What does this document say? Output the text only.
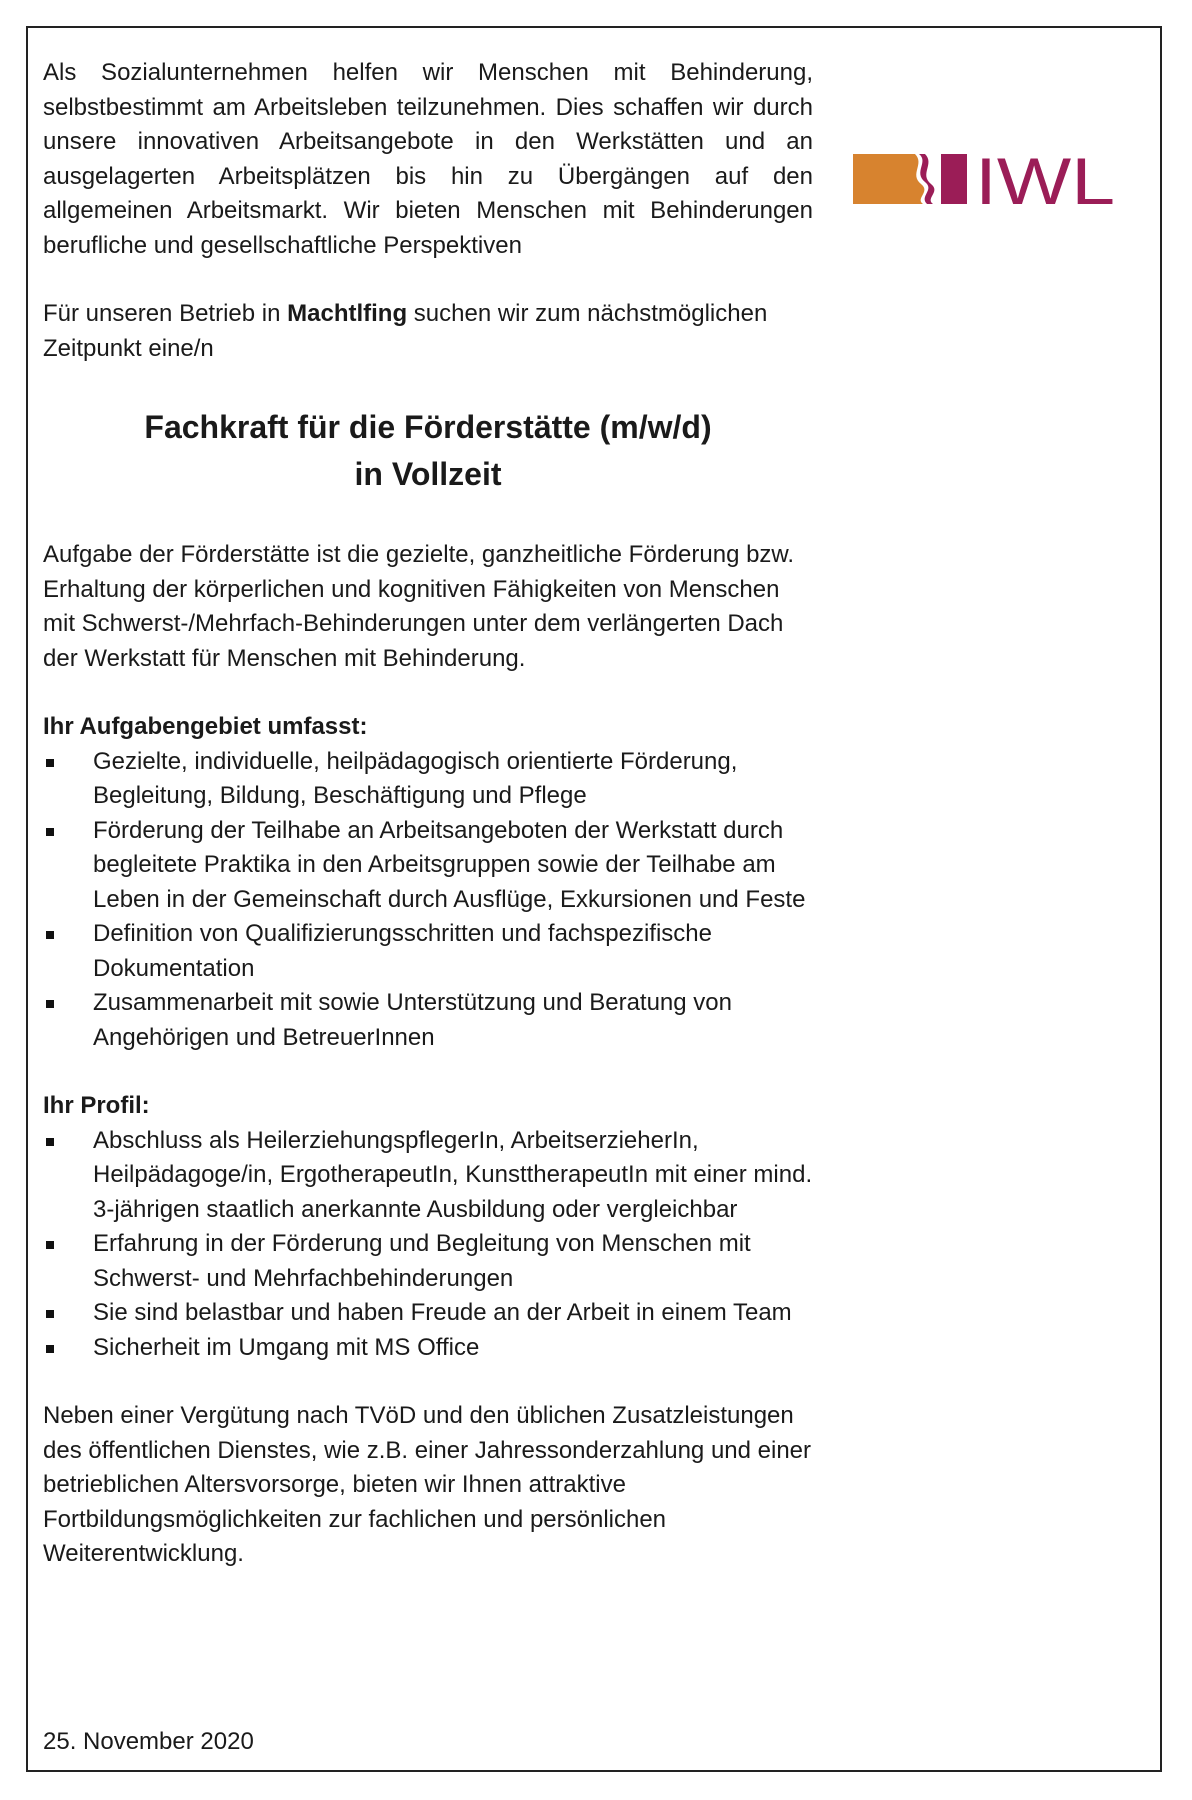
Als Sozialunternehmen helfen wir Menschen mit Behinderung, selbstbestimmt am Arbeitsleben teilzunehmen. Dies schaffen wir durch unsere innovativen Arbeitsangebote in den Werkstätten und an ausgelagerten Arbeitsplätzen bis hin zu Übergängen auf den allgemeinen Arbeitsmarkt. Wir bieten Menschen mit Behinderungen berufliche und gesellschaftliche Perspektiven

Für unseren Betrieb in Machtlfing suchen wir zum nächstmöglichen Zeitpunkt eine/n

Fachkraft für die Förderstätte (m/w/d)
in Vollzeit

Aufgabe der Förderstätte ist die gezielte, ganzheitliche Förderung bzw. Erhaltung der körperlichen und kognitiven Fähigkeiten von Menschen mit Schwerst-/Mehrfach-Behinderungen unter dem verlängerten Dach der Werkstatt für Menschen mit Behinderung.

Ihr Aufgabengebiet umfasst:

Gezielte, individuelle, heilpädagogisch orientierte Förderung, Begleitung, Bildung, Beschäftigung und Pflege
Förderung der Teilhabe an Arbeitsangeboten der Werkstatt durch begleitete Praktika in den Arbeitsgruppen sowie der Teilhabe am Leben in der Gemeinschaft durch Ausflüge, Exkursionen und Feste
Definition von Qualifizierungsschritten und fachspezifische Dokumentation
Zusammenarbeit mit sowie Unterstützung und Beratung von Angehörigen und BetreuerInnen

Ihr Profil:

Abschluss als HeilerziehungspflegerIn, ArbeitserzieherIn, Heilpädagoge/in, ErgotherapeutIn, KunsttherapeutIn mit einer mind. 3-jährigen staatlich anerkannte Ausbildung oder vergleichbar
Erfahrung in der Förderung und Begleitung von Menschen mit Schwerst- und Mehrfachbehinderungen
Sie sind belastbar und haben Freude an der Arbeit in einem Team
Sicherheit im Umgang mit MS Office

Neben einer Vergütung nach TVöD und den üblichen Zusatzleistungen des öffentlichen Dienstes, wie z.B. einer Jahressonderzahlung und einer betrieblichen Altersvorsorge, bieten wir Ihnen attraktive Fortbildungsmöglichkeiten zur fachlichen und persönlichen Weiterentwicklung.

25. November 2020
IWL
